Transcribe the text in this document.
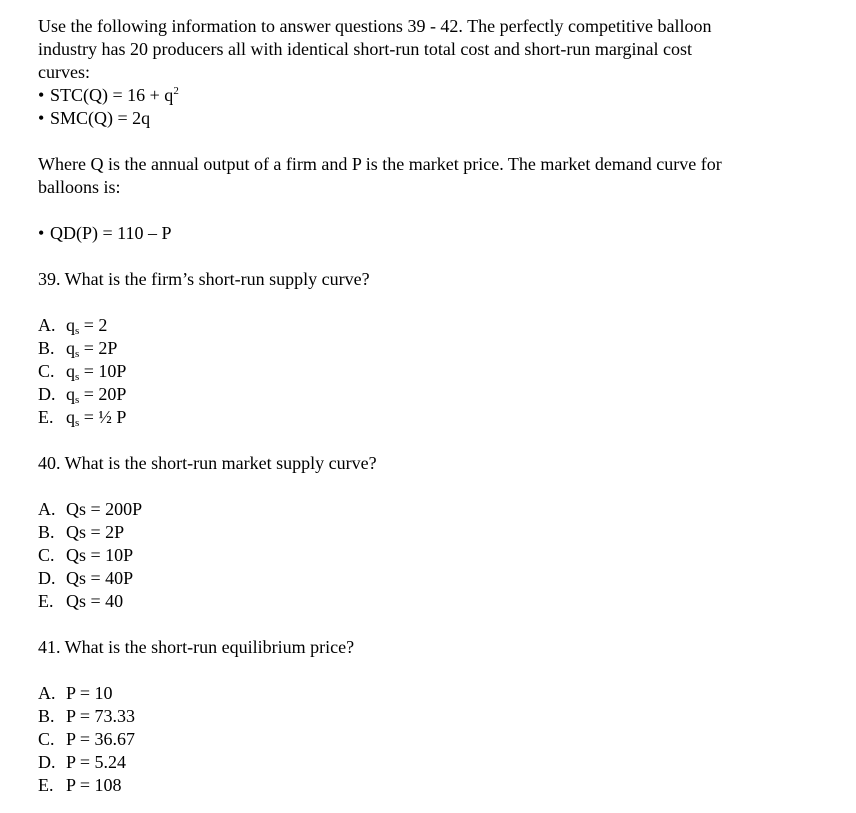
Use the following information to answer questions 39 - 42. The perfectly competitive balloon
industry has 20 producers all with identical short-run total cost and short-run marginal cost
curves:
• $STC(Q) = 16 + q^2$
• SMC(Q) = 2q
Where Q is the annual output of a firm and P is the market price. The market demand curve for
balloons is:
• QD(P) = 110 – P
39. What is the firm’s short-run supply curve?
A. $q_s = 2$
B. $q_s = 2P$
C. $q_s = 10P$
D. $q_s = 20P$
E. $q_s$ = ½ P
40. What is the short-run market supply curve?
A. Qs = 200P
B. Qs = 2P
C. Qs = 10P
D. Qs = 40P
E. Qs = 40
41. What is the short-run equilibrium price?
A. P = 10
B. P = 73.33
C. P = 36.67
D. P = 5.24
E. P = 108
